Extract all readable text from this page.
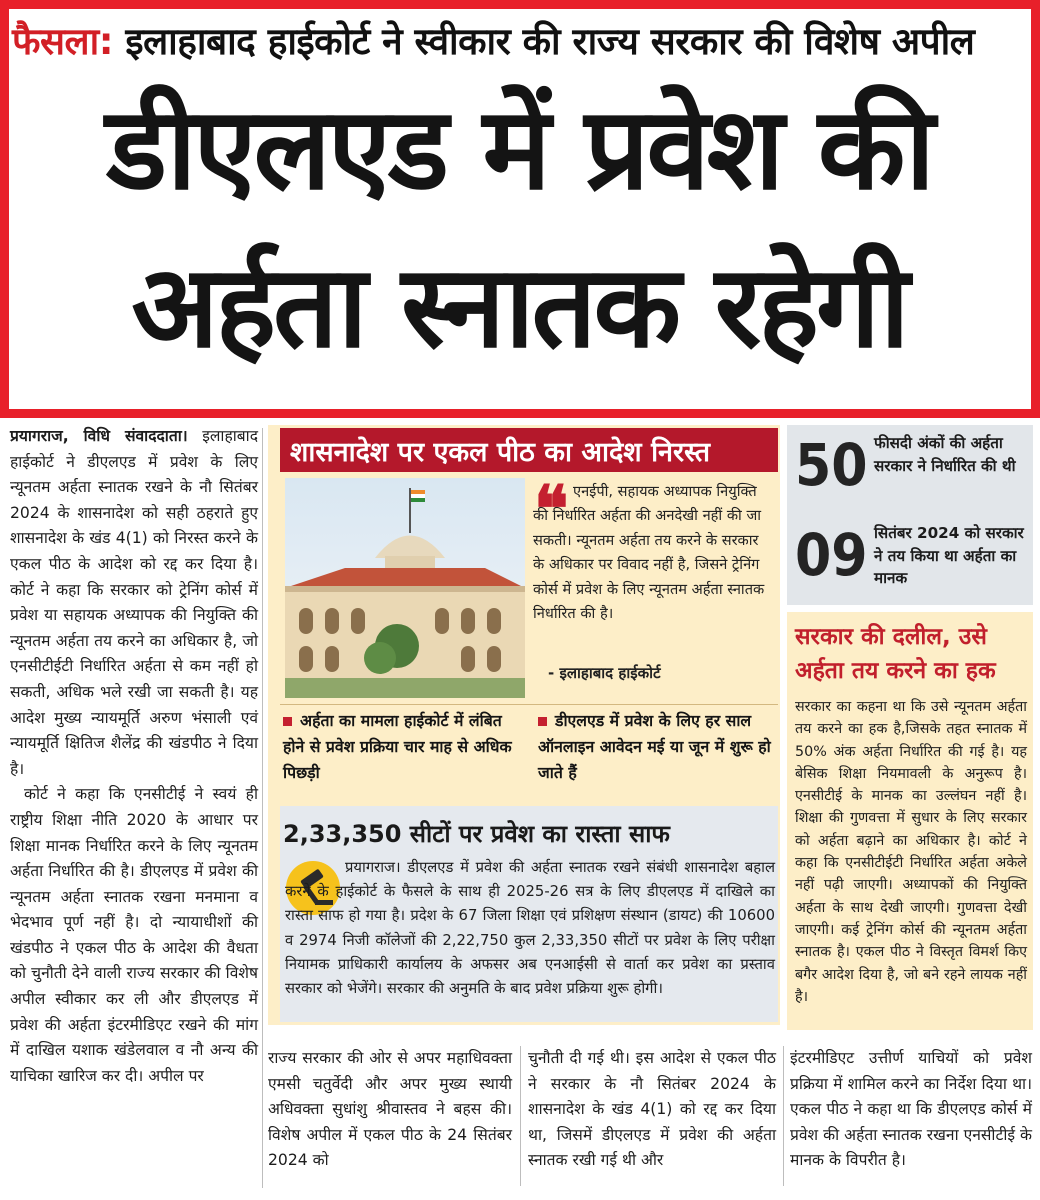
फैसला: इलाहाबाद हाईकोर्ट ने स्वीकार की राज्य सरकार की विशेष अपील
डीएलएड में प्रवेश की
अर्हता स्नातक रहेगी
प्रयागराज, विधि संवाददाता। इलाहाबाद हाईकोर्ट ने डीएलएड में प्रवेश के लिए न्यूनतम अर्हता स्नातक रखने के नौ सितंबर 2024 के शासनादेश को सही ठहराते हुए शासनादेश के खंड 4(1) को निरस्त करने के एकल पीठ के आदेश को रद्द कर दिया है। कोर्ट ने कहा कि सरकार को ट्रेनिंग कोर्स में प्रवेश या सहायक अध्यापक की नियुक्ति की न्यूनतम अर्हता तय करने का अधिकार है, जो एनसीटीईटी निर्धारित अर्हता से कम नहीं हो सकती, अधिक भले रखी जा सकती है। यह आदेश मुख्य न्यायमूर्ति अरुण भंसाली एवं न्यायमूर्ति क्षितिज शैलेंद्र की खंडपीठ ने दिया है।
कोर्ट ने कहा कि एनसीटीई ने स्वयं ही राष्ट्रीय शिक्षा नीति 2020 के आधार पर शिक्षा मानक निर्धारित करने के लिए न्यूनतम अर्हता निर्धारित की है। डीएलएड में प्रवेश की न्यूनतम अर्हता स्नातक रखना मनमाना व भेदभाव पूर्ण नहीं है। दो न्यायाधीशों की खंडपीठ ने एकल पीठ के आदेश की वैधता को चुनौती देने वाली राज्य सरकार की विशेष अपील स्वीकार कर ली और डीएलएड में प्रवेश की अर्हता इंटरमीडिएट रखने की मांग में दाखिल यशाक खंडेलवाल व नौ अन्य की याचिका खारिज कर दी। अपील पर
शासनादेश पर एकल पीठ का आदेश निरस्त
❝ एनईपी, सहायक अध्यापक नियुक्ति की निर्धारित अर्हता की अनदेखी नहीं की जा सकती। न्यूनतम अर्हता तय करने के सरकार के अधिकार पर विवाद नहीं है, जिसने ट्रेनिंग कोर्स में प्रवेश के लिए न्यूनतम अर्हता स्नातक निर्धारित की है।
- इलाहाबाद हाईकोर्ट
अर्हता का मामला हाईकोर्ट में लंबित होने से प्रवेश प्रक्रिया चार माह से अधिक पिछड़ी
डीएलएड में प्रवेश के लिए हर साल ऑनलाइन आवेदन मई या जून में शुरू हो जाते हैं
2,33,350 सीटों पर प्रवेश का रास्ता साफ
प्रयागराज। डीएलएड में प्रवेश की अर्हता स्नातक रखने संबंधी शासनादेश बहाल करने के हाईकोर्ट के फैसले के साथ ही 2025-26 सत्र के लिए डीएलएड में दाखिले का रास्ता साफ हो गया है। प्रदेश के 67 जिला शिक्षा एवं प्रशिक्षण संस्थान (डायट) की 10600 व 2974 निजी कॉलेजों की 2,22,750 कुल 2,33,350 सीटों पर प्रवेश के लिए परीक्षा नियामक प्राधिकारी कार्यालय के अफसर अब एनआईसी से वार्ता कर प्रवेश का प्रस्ताव सरकार को भेजेंगे। सरकार की अनुमति के बाद प्रवेश प्रक्रिया शुरू होगी।
50 फीसदी अंकों की अर्हता सरकार ने निर्धारित की थी
09 सितंबर 2024 को सरकार ने तय किया था अर्हता का मानक
सरकार की दलील, उसे अर्हता तय करने का हक
सरकार का कहना था कि उसे न्यूनतम अर्हता तय करने का हक है,जिसके तहत स्नातक में 50% अंक अर्हता निर्धारित की गई है। यह बेसिक शिक्षा नियमावली के अनुरूप है। एनसीटीई के मानक का उल्लंघन नहीं है। शिक्षा की गुणवत्ता में सुधार के लिए सरकार को अर्हता बढ़ाने का अधिकार है। कोर्ट ने कहा कि एनसीटीईटी निर्धारित अर्हता अकेले नहीं पढ़ी जाएगी। अध्यापकों की नियुक्ति अर्हता के साथ देखी जाएगी। गुणवत्ता देखी जाएगी। कई ट्रेनिंग कोर्स की न्यूनतम अर्हता स्नातक है। एकल पीठ ने विस्तृत विमर्श किए बगैर आदेश दिया है, जो बने रहने लायक नहीं है।
राज्य सरकार की ओर से अपर महाधिवक्ता एमसी चतुर्वेदी और अपर मुख्य स्थायी अधिवक्ता सुधांशु श्रीवास्तव ने बहस की। विशेष अपील में एकल पीठ के 24 सितंबर 2024 को
चुनौती दी गई थी। इस आदेश से एकल पीठ ने सरकार के नौ सितंबर 2024 के शासनादेश के खंड 4(1) को रद्द कर दिया था, जिसमें डीएलएड में प्रवेश की अर्हता स्नातक रखी गई थी और
इंटरमीडिएट उत्तीर्ण याचियों को प्रवेश प्रक्रिया में शामिल करने का निर्देश दिया था। एकल पीठ ने कहा था कि डीएलएड कोर्स में प्रवेश की अर्हता स्नातक रखना एनसीटीई के मानक के विपरीत है।
